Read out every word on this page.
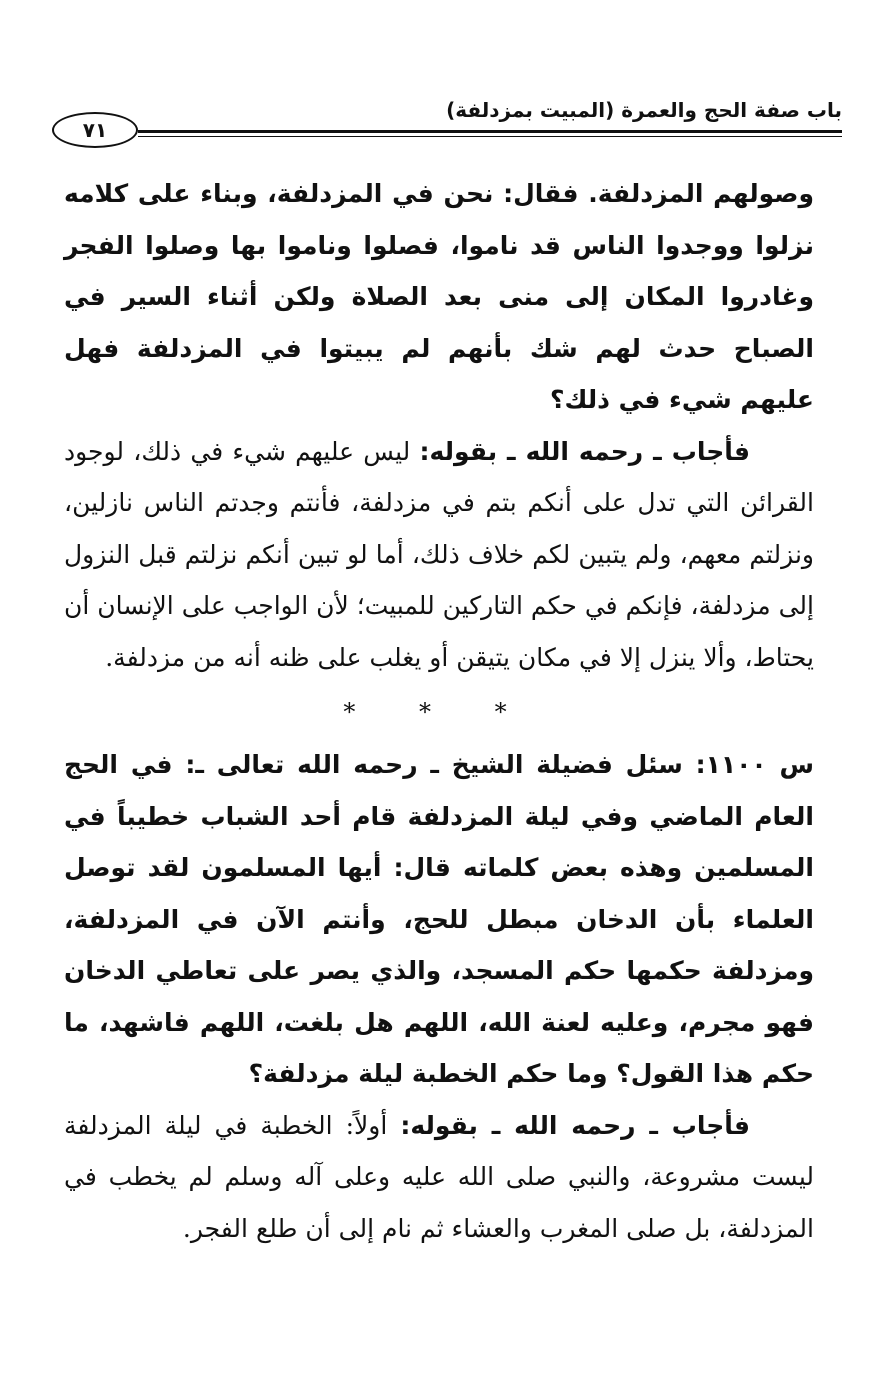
٧١
باب صفة الحج والعمرة (المبيت بمزدلفة)

وصولهم المزدلفة. فقال: نحن في المزدلفة، وبناء على كلامه نزلوا ووجدوا الناس قد ناموا، فصلوا وناموا بها وصلوا الفجر وغادروا المكان إلى منى بعد الصلاة ولكن أثناء السير في الصباح حدث لهم شك بأنهم لم يبيتوا في المزدلفة فهل عليهم شيء في ذلك؟

فأجاب ـ رحمه الله ـ بقوله: ليس عليهم شيء في ذلك، لوجود القرائن التي تدل على أنكم بتم في مزدلفة، فأنتم وجدتم الناس نازلين، ونزلتم معهم، ولم يتبين لكم خلاف ذلك، أما لو تبين أنكم نزلتم قبل النزول إلى مزدلفة، فإنكم في حكم التاركين للمبيت؛ لأن الواجب على الإنسان أن يحتاط، وألا ينزل إلا في مكان يتيقن أو يغلب على ظنه أنه من مزدلفة.

* * *

س ١١٠٠: سئل فضيلة الشيخ ـ رحمه الله تعالى ـ: في الحج العام الماضي وفي ليلة المزدلفة قام أحد الشباب خطيباً في المسلمين وهذه بعض كلماته قال: أيها المسلمون لقد توصل العلماء بأن الدخان مبطل للحج، وأنتم الآن في المزدلفة، ومزدلفة حكمها حكم المسجد، والذي يصر على تعاطي الدخان فهو مجرم، وعليه لعنة الله، اللهم هل بلغت، اللهم فاشهد، ما حكم هذا القول؟ وما حكم الخطبة ليلة مزدلفة؟

فأجاب ـ رحمه الله ـ بقوله: أولاً: الخطبة في ليلة المزدلفة ليست مشروعة، والنبي صلى الله عليه وعلى آله وسلم لم يخطب في المزدلفة، بل صلى المغرب والعشاء ثم نام إلى أن طلع الفجر.
